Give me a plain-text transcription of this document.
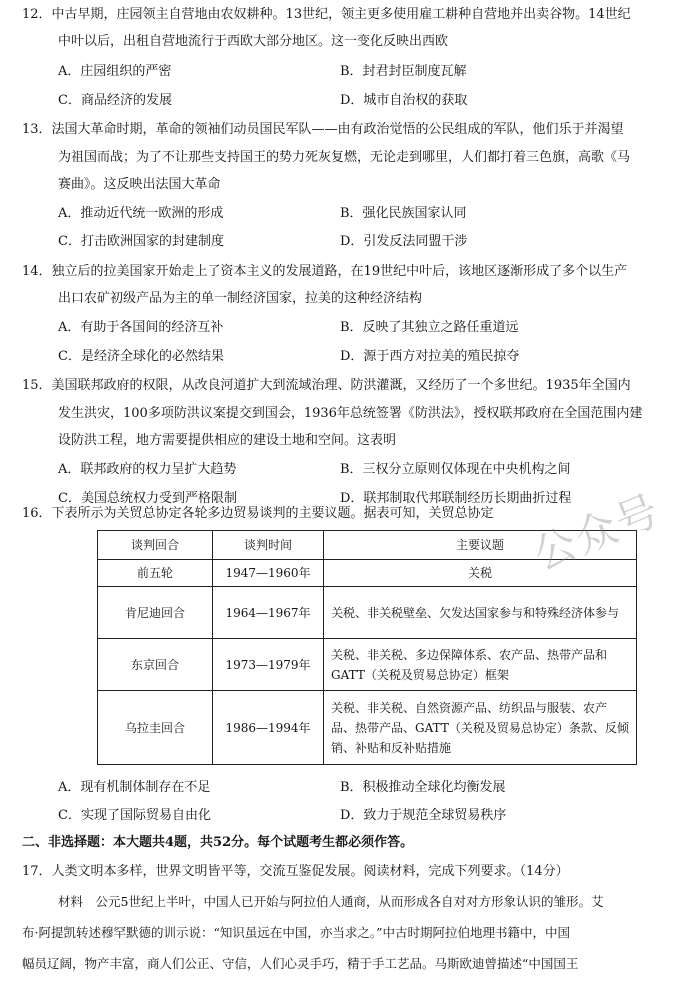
12．中古早期，庄园领主自营地由农奴耕种。13世纪，领主更多使用雇工耕种自营地并出卖谷物。14世纪
中叶以后，出租自营地流行于西欧大部分地区。这一变化反映出西欧
A．庄园组织的严密	B．封君封臣制度瓦解
C．商品经济的发展	D．城市自治权的获取
13．法国大革命时期，革命的领袖们动员国民军队——由有政治觉悟的公民组成的军队，他们乐于并渴望
为祖国而战；为了不让那些支持国王的势力死灰复燃，无论走到哪里，人们都打着三色旗，高歌《马
赛曲》。这反映出法国大革命
A．推动近代统一欧洲的形成	B．强化民族国家认同
C．打击欧洲国家的封建制度	D．引发反法同盟干涉
14．独立后的拉美国家开始走上了资本主义的发展道路，在19世纪中叶后，该地区逐渐形成了多个以生产
出口农矿初级产品为主的单一制经济国家，拉美的这种经济结构
A．有助于各国间的经济互补	B．反映了其独立之路任重道远
C．是经济全球化的必然结果	D．源于西方对拉美的殖民掠夺
15．美国联邦政府的权限，从改良河道扩大到流域治理、防洪灌溉，又经历了一个多世纪。1935年全国内
发生洪灾，100多项防洪议案提交到国会，1936年总统签署《防洪法》，授权联邦政府在全国范围内建
设防洪工程，地方需要提供相应的建设土地和空间。这表明
A．联邦政府的权力呈扩大趋势	B．三权分立原则仅体现在中央机构之间
C．美国总统权力受到严格限制	D．联邦制取代邦联制经历长期曲折过程
16．下表所示为关贸总协定各轮多边贸易谈判的主要议题。据表可知，关贸总协定
谈判回合	谈判时间	主要议题
前五轮	1947—1960年	关税
肯尼迪回合	1964—1967年	关税、非关税壁垒、欠发达国家参与和特殊经济体参与
东京回合	1973—1979年	关税、非关税、多边保障体系、农产品、热带产品和GATT（关税及贸易总协定）框架
乌拉圭回合	1986—1994年	关税、非关税、自然资源产品、纺织品与服装、农产品、热带产品、GATT（关税及贸易总协定）条款、反倾销、补贴和反补贴措施
A．现有机制体制存在不足	B．积极推动全球化均衡发展
C．实现了国际贸易自由化	D．致力于规范全球贸易秩序
二、非选择题：本大题共4题，共52分。每个试题考生都必须作答。
17．人类文明本多样，世界文明皆平等，交流互鉴促发展。阅读材料，完成下列要求。（14分）
材料　公元5世纪上半叶，中国人已开始与阿拉伯人通商，从而形成各自对对方形象认识的雏形。艾
布·阿提凯转述穆罕默德的训示说：“知识虽远在中国，亦当求之。”中古时期阿拉伯地理书籍中，中国
幅员辽阔，物产丰富，商人们公正、守信，人们心灵手巧，精于手工艺品。马斯欧迪曾描述“中国国王
公众号
